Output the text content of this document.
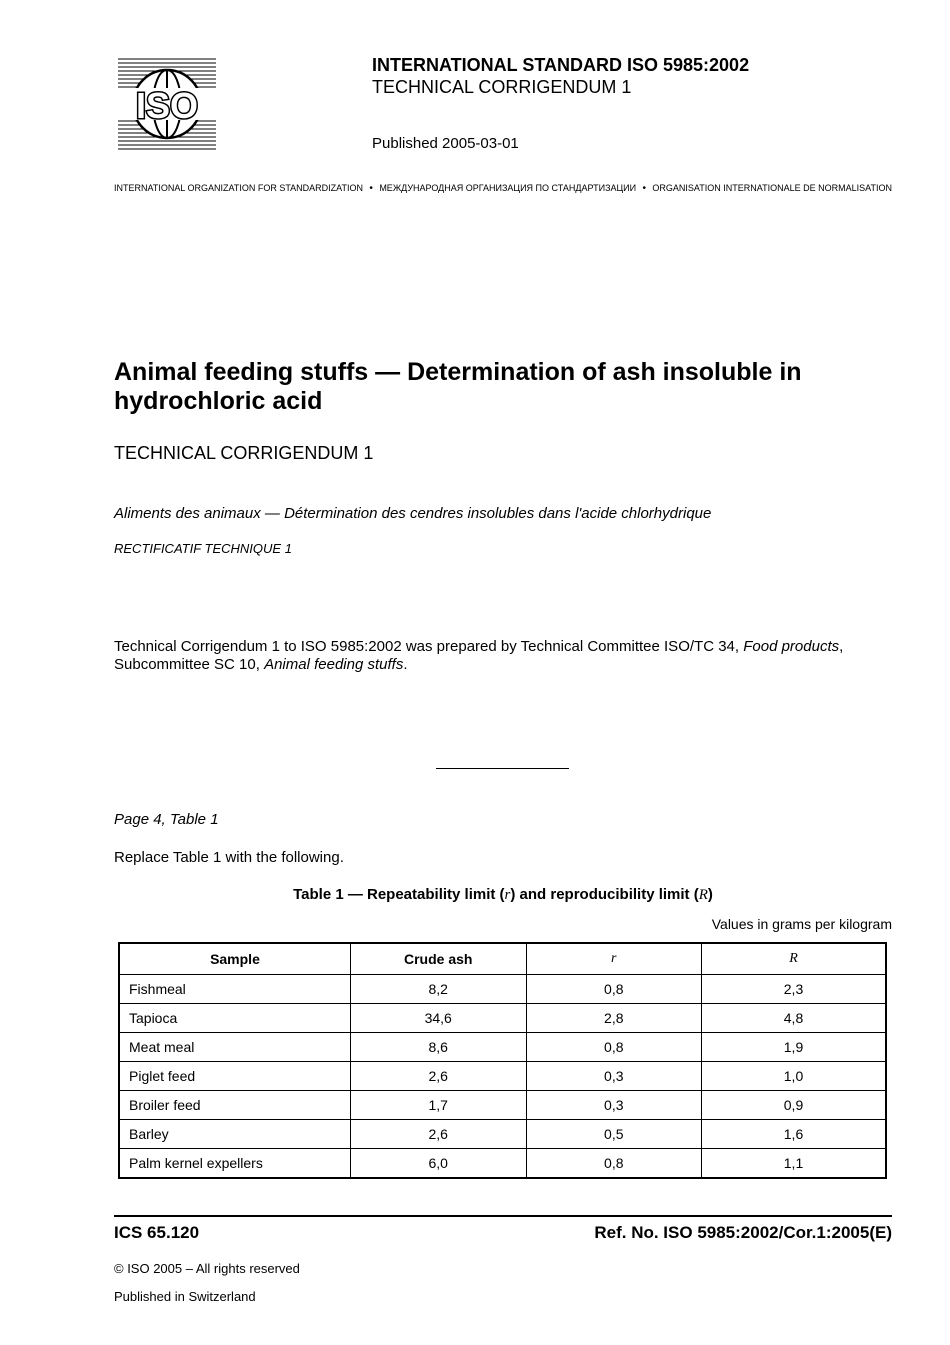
ISO
INTERNATIONAL STANDARD ISO 5985:2002
TECHNICAL CORRIGENDUM 1
Published 2005-03-01
INTERNATIONAL ORGANIZATION FOR STANDARDIZATION • МЕЖДУНАРОДНАЯ ОРГАНИЗАЦИЯ ПО СТАНДАРТИЗАЦИИ • ORGANISATION INTERNATIONALE DE NORMALISATION
Animal feeding stuffs — Determination of ash insoluble in hydrochloric acid
TECHNICAL CORRIGENDUM 1
Aliments des animaux — Détermination des cendres insolubles dans l'acide chlorhydrique
RECTIFICATIF TECHNIQUE 1
Technical Corrigendum 1 to ISO 5985:2002 was prepared by Technical Committee ISO/TC 34, Food products, Subcommittee SC 10, Animal feeding stuffs.
Page 4, Table 1
Replace Table 1 with the following.
Table 1 — Repeatability limit (r) and reproducibility limit (R)
Values in grams per kilogram
Sample	Crude ash	r	R
Fishmeal	8,2	0,8	2,3
Tapioca	34,6	2,8	4,8
Meat meal	8,6	0,8	1,9
Piglet feed	2,6	0,3	1,0
Broiler feed	1,7	0,3	0,9
Barley	2,6	0,5	1,6
Palm kernel expellers	6,0	0,8	1,1
ICS 65.120	Ref. No. ISO 5985:2002/Cor.1:2005(E)
© ISO 2005 – All rights reserved
Published in Switzerland
